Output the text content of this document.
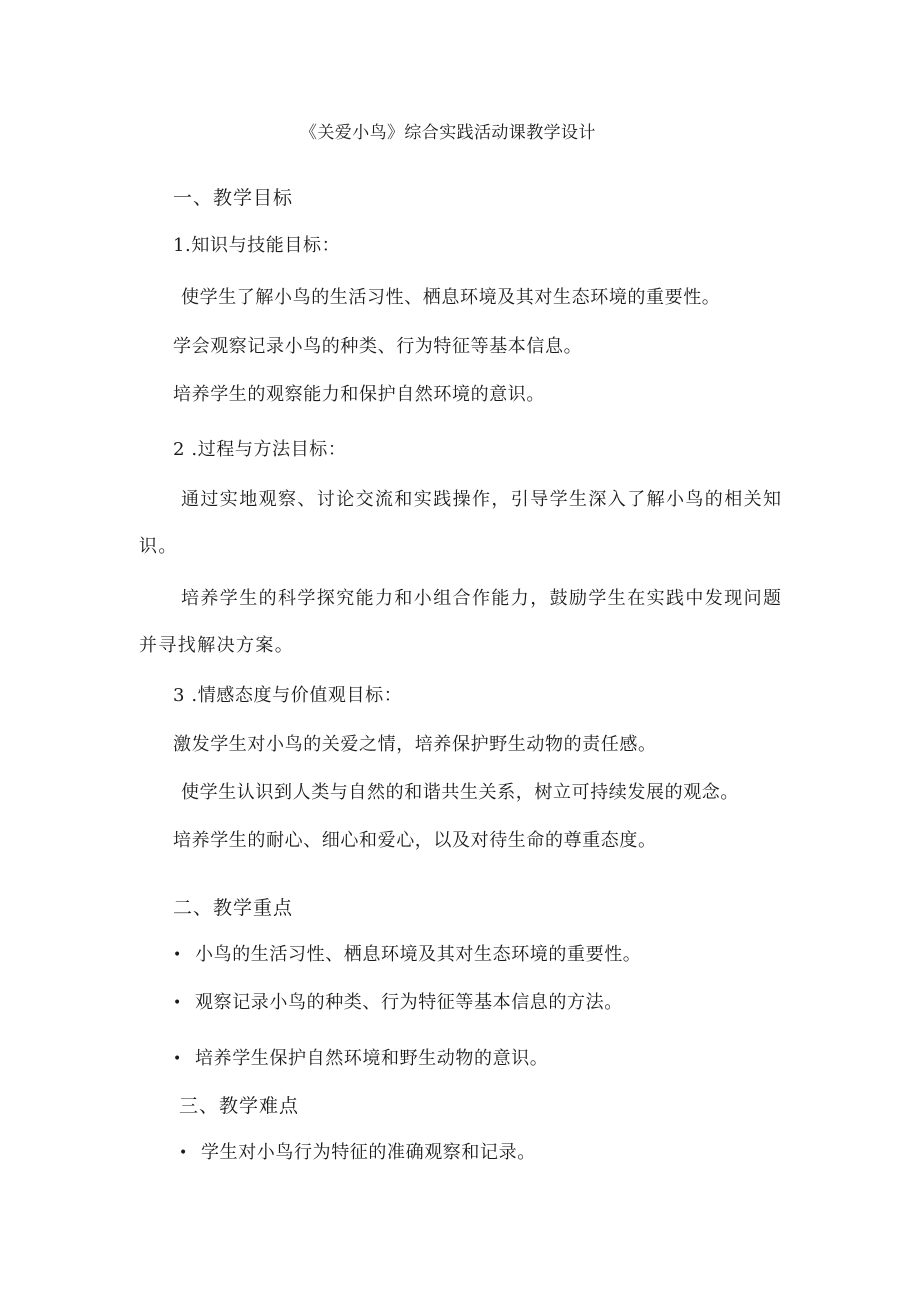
《关爱小鸟》综合实践活动课教学设计
一、教学目标
1.知识与技能目标：
使学生了解小鸟的生活习性、栖息环境及其对生态环境的重要性。
学会观察记录小鸟的种类、行为特征等基本信息。
培养学生的观察能力和保护自然环境的意识。
2 .过程与方法目标：
通过实地观察、讨论交流和实践操作，引导学生深入了解小鸟的相关知识。
培养学生的科学探究能力和小组合作能力，鼓励学生在实践中发现问题并寻找解决方案。
3 .情感态度与价值观目标：
激发学生对小鸟的关爱之情，培养保护野生动物的责任感。
使学生认识到人类与自然的和谐共生关系，树立可持续发展的观念。
培养学生的耐心、细心和爱心，以及对待生命的尊重态度。
二、教学重点
• 小鸟的生活习性、栖息环境及其对生态环境的重要性。
• 观察记录小鸟的种类、行为特征等基本信息的方法。
• 培养学生保护自然环境和野生动物的意识。
三、教学难点
• 学生对小鸟行为特征的准确观察和记录。
